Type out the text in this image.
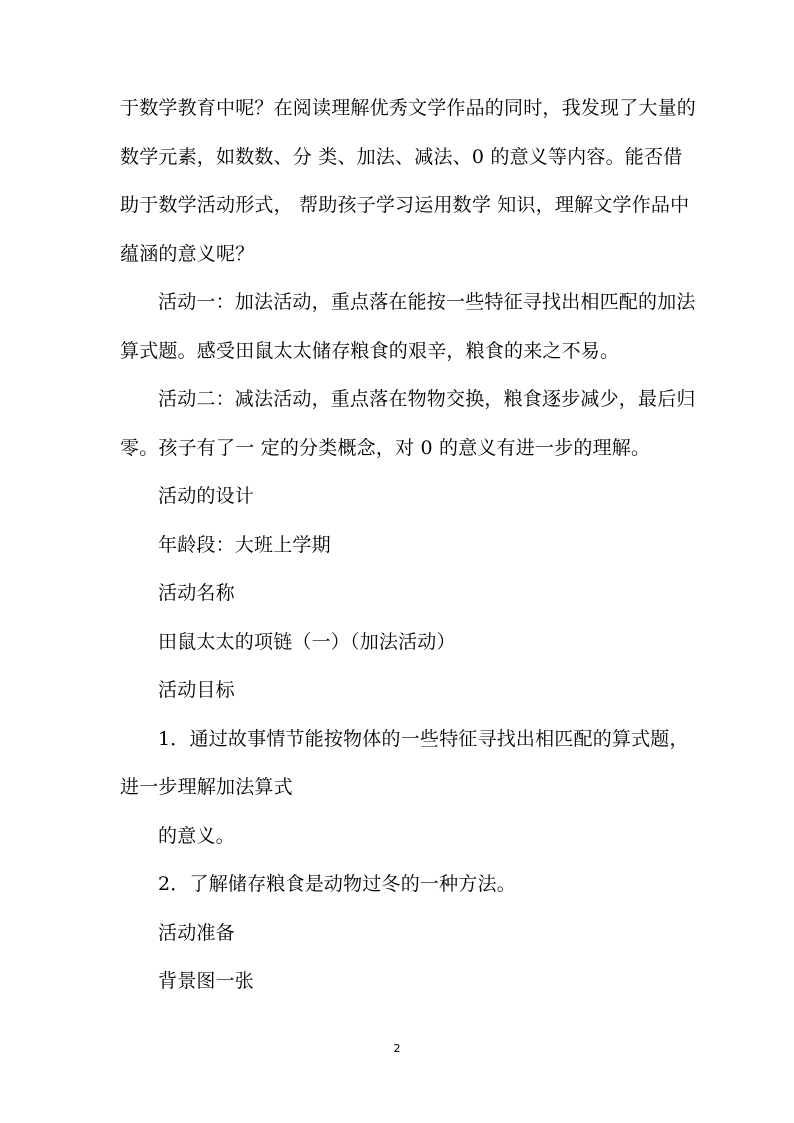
于数学教育中呢？在阅读理解优秀文学作品的同时，我发现了大量的
数学元素，如数数、分 类、加法、减法、0 的意义等内容。能否借
助于数学活动形式， 帮助孩子学习运用数学 知识，理解文学作品中
蕴涵的意义呢？
活动一：加法活动，重点落在能按一些特征寻找出相匹配的加法
算式题。感受田鼠太太储存粮食的艰辛，粮食的来之不易。
活动二：减法活动，重点落在物物交换，粮食逐步减少，最后归
零。孩子有了一 定的分类概念，对 0 的意义有进一步的理解。
活动的设计
年龄段：大班上学期
活动名称
田鼠太太的项链（一）（加法活动）
活动目标
1．通过故事情节能按物体的一些特征寻找出相匹配的算式题，
进一步理解加法算式
的意义。
2．了解储存粮食是动物过冬的一种方法。
活动准备
背景图一张
2
